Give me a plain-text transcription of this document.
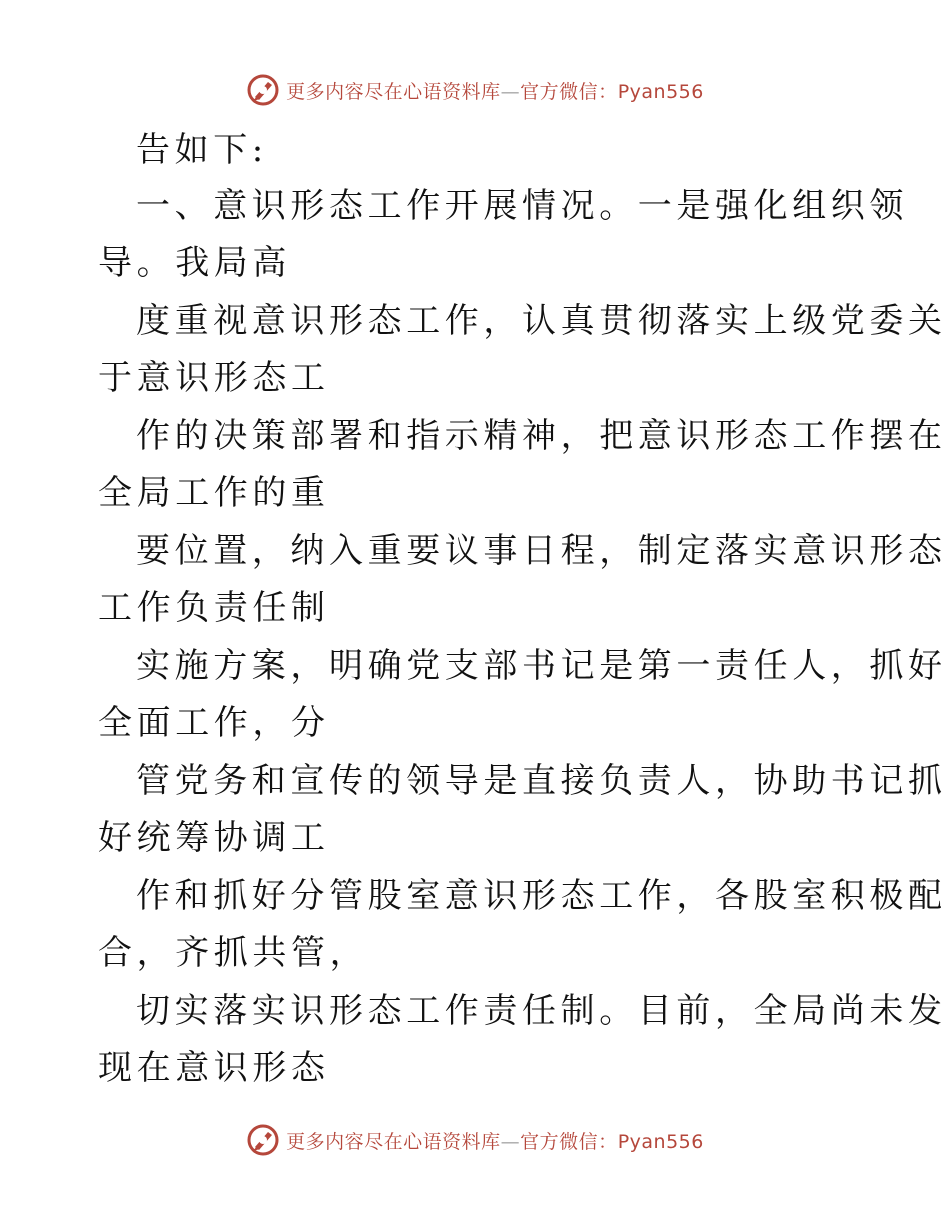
更多内容尽在心语资料库—官方微信：Pyan556
告如下:
一、意识形态工作开展情况。一是强化组织领
导。我局高
度重视意识形态工作，认真贯彻落实上级党委关
于意识形态工
作的决策部署和指示精神，把意识形态工作摆在
全局工作的重
要位置，纳入重要议事日程，制定落实意识形态
工作负责任制
实施方案，明确党支部书记是第一责任人，抓好
全面工作，分
管党务和宣传的领导是直接负责人，协助书记抓
好统筹协调工
作和抓好分管股室意识形态工作，各股室积极配
合，齐抓共管，
切实落实识形态工作责任制。目前，全局尚未发
现在意识形态
更多内容尽在心语资料库—官方微信：Pyan556
